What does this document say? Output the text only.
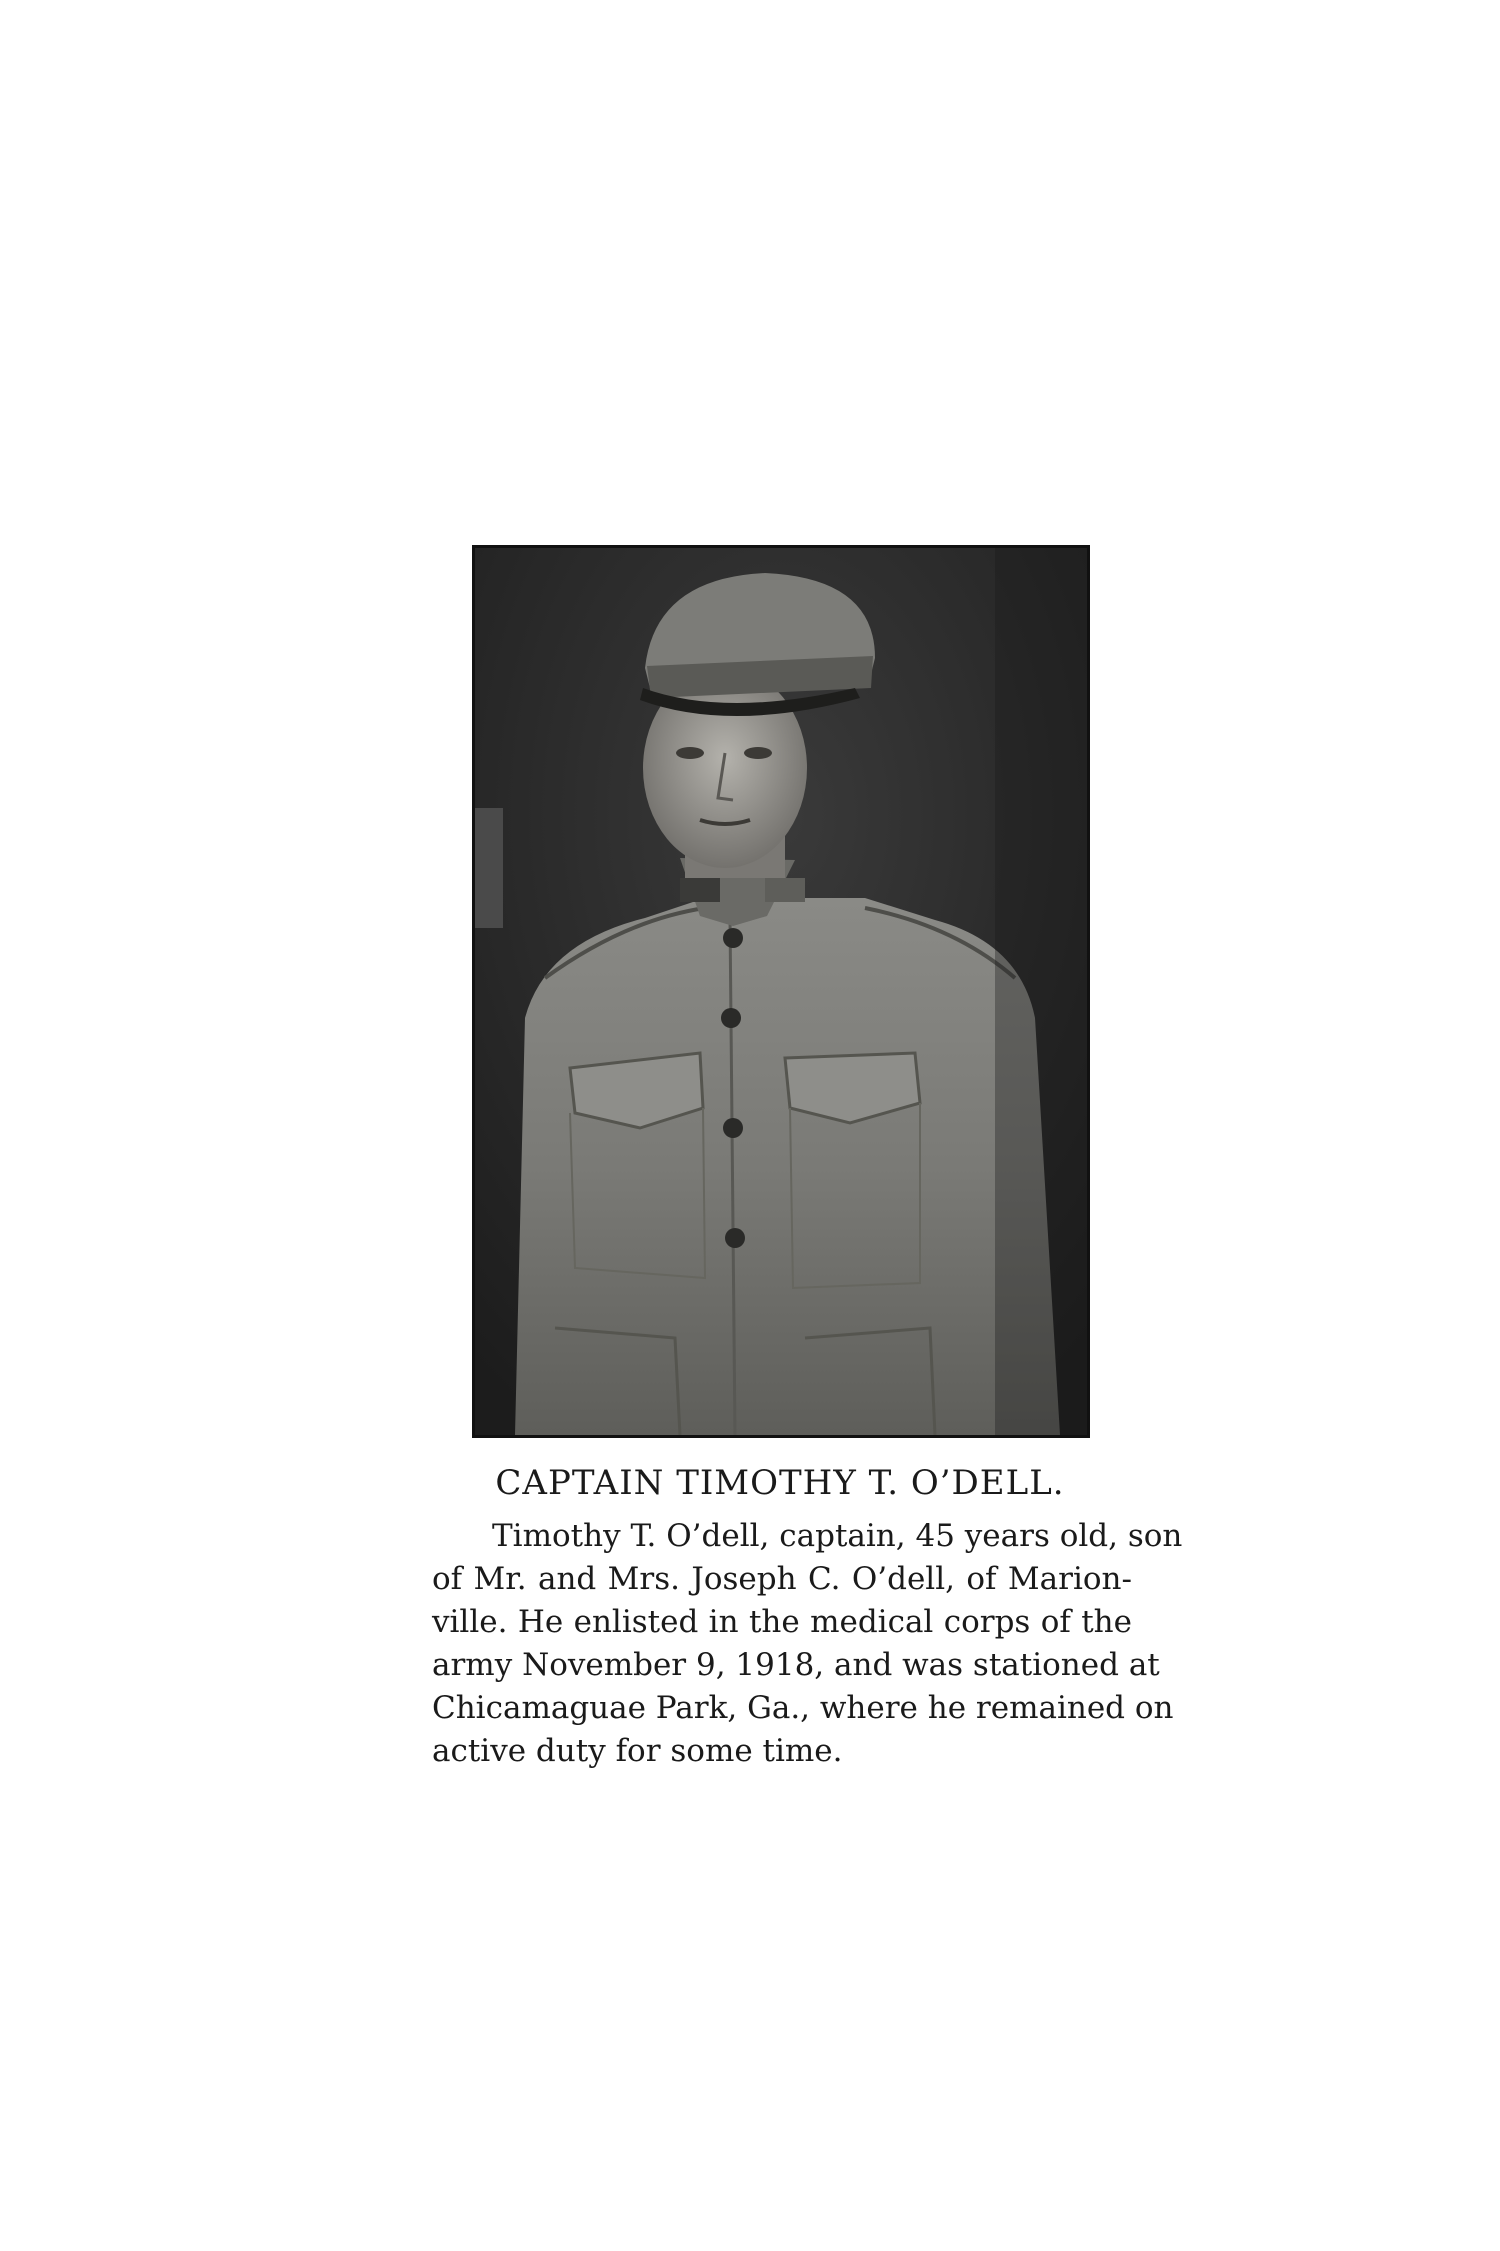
CAPTAIN TIMOTHY T. O’DELL.
Timothy T. O’dell, captain, 45 years old, son
of Mr. and Mrs. Joseph C. O’dell, of Marion-
ville. He enlisted in the medical corps of the
army November 9, 1918, and was stationed at
Chicamaguae Park, Ga., where he remained on
active duty for some time.
